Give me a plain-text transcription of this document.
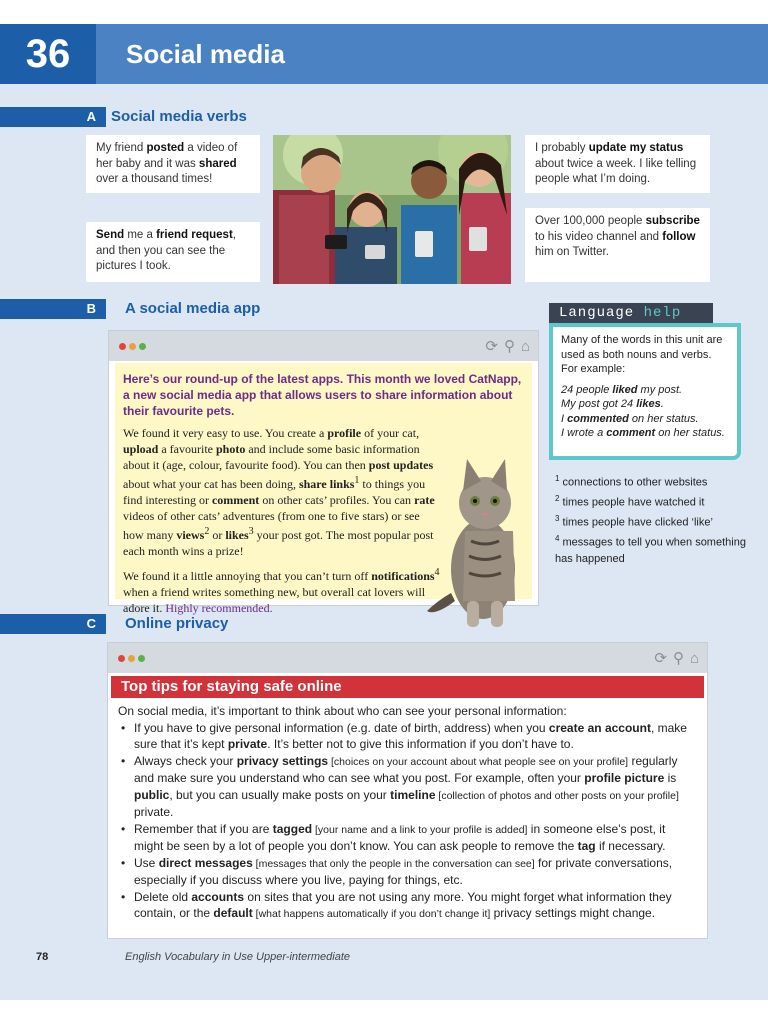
36	Social media
A	Social media verbs
My friend posted a video of her baby and it was shared over a thousand times!
Send me a friend request, and then you can see the pictures I took.
I probably update my status about twice a week. I like telling people what I’m doing.
Over 100,000 people subscribe to his video channel and follow him on Twitter.
B	A social media app
⟳ ⚲ ⌂
Here’s our round-up of the latest apps. This month we loved CatNapp, a new social media app that allows users to share information about their favourite pets.

We found it very easy to use. You create a profile of your cat, upload a favourite photo and include some basic information about it (age, colour, favourite food). You can then post updates about what your cat has been doing, share links$^1$ to things you find interesting or comment on other cats’ profiles. You can rate videos of other cats’ adventures (from one to five stars) or see how many views$^2$ or likes$^3$ your post got. The most popular post each month wins a prize!

We found it a little annoying that you can’t turn off notifications$^4$ when a friend writes something new, but overall cat lovers will adore it. Highly recommended.

Language help
Many of the words in this unit are used as both nouns and verbs. For example:
24 people liked my post.
My post got 24 likes.
I commented on her status.
I wrote a comment on her status.
$^1$ connections to other websites
$^2$ times people have watched it
$^3$ times people have clicked ‘like’
$^4$ messages to tell you when something has happened
C	Online privacy
⟳ ⚲ ⌂
Top tips for staying safe online
On social media, it’s important to think about who can see your personal information:
• If you have to give personal information (e.g. date of birth, address) when you create an account, make sure that it’s kept private. It’s better not to give this information if you don’t have to.
• Always check your privacy settings [choices on your account about what people see on your profile] regularly and make sure you understand who can see what you post. For example, often your profile picture is public, but you can usually make posts on your timeline [collection of photos and other posts on your profile] private.
• Remember that if you are tagged [your name and a link to your profile is added] in someone else’s post, it might be seen by a lot of people you don’t know. You can ask people to remove the tag if necessary.
• Use direct messages [messages that only the people in the conversation can see] for private conversations, especially if you discuss where you live, paying for things, etc.
• Delete old accounts on sites that you are not using any more. You might forget what information they contain, or the default [what happens automatically if you don’t change it] privacy settings might change.
78	English Vocabulary in Use Upper-intermediate
